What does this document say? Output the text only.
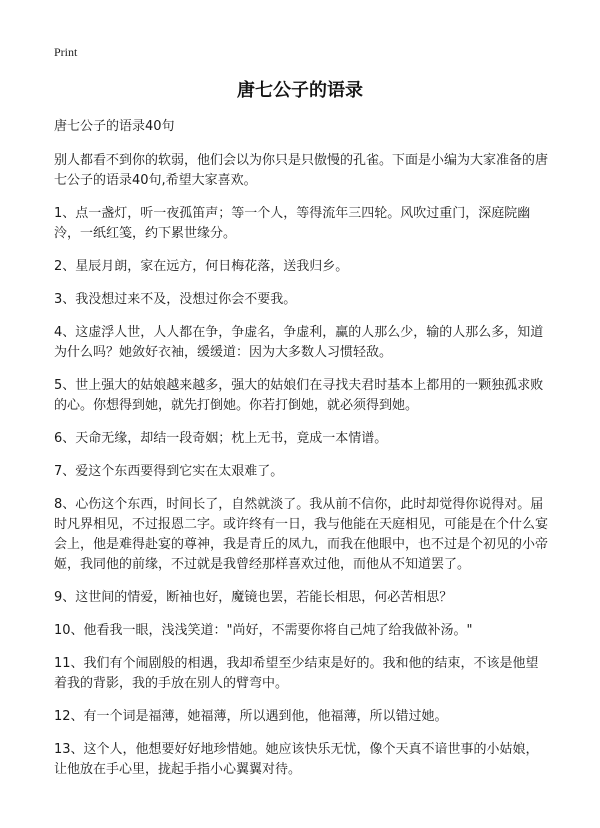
Print
唐七公子的语录
唐七公子的语录40句
别人都看不到你的软弱，他们会以为你只是只傲慢的孔雀。下面是小编为大家准备的唐七公子的语录40句,希望大家喜欢。
1、点一盏灯，听一夜孤笛声；等一个人，等得流年三四轮。风吹过重门，深庭院幽泠，一纸红笺，约下累世缘分。
2、星辰月朗，家在远方，何日梅花落，送我归乡。
3、我没想过来不及，没想过你会不要我。
4、这虚浮人世，人人都在争，争虚名，争虚利，赢的人那么少，输的人那么多，知道为什么吗？她敛好衣袖，缓缓道：因为大多数人习惯轻敌。
5、世上强大的姑娘越来越多，强大的姑娘们在寻找夫君时基本上都用的一颗独孤求败的心。你想得到她，就先打倒她。你若打倒她，就必须得到她。
6、天命无缘，却结一段奇姻；枕上无书，竟成一本情谱。
7、爱这个东西要得到它实在太艰难了。
8、心伤这个东西，时间长了，自然就淡了。我从前不信你，此时却觉得你说得对。届时凡界相见，不过报恩二字。或许终有一日，我与他能在天庭相见，可能是在个什么宴会上，他是难得赴宴的尊神，我是青丘的凤九，而我在他眼中，也不过是个初见的小帝姬，我同他的前缘，不过就是我曾经那样喜欢过他，而他从不知道罢了。
9、这世间的情爱，断袖也好，魔镜也罢，若能长相思，何必苦相思？
10、他看我一眼，浅浅笑道："尚好，不需要你将自己炖了给我做补汤。"
11、我们有个闹剧般的相遇，我却希望至少结束是好的。我和他的结束，不该是他望着我的背影，我的手放在别人的臂弯中。
12、有一个词是福薄，她福薄，所以遇到他，他福薄，所以错过她。
13、这个人，他想要好好地珍惜她。她应该快乐无忧，像个天真不谙世事的小姑娘，让他放在手心里，拢起手指小心翼翼对待。
